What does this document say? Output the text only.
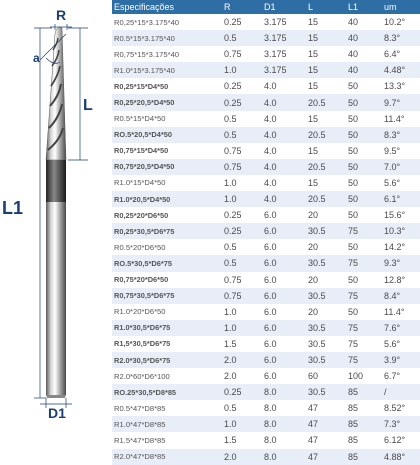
R
a
L
L1
D1
Especificações	R	D1	L	L1	um
R0,25*15*3.175*40	0.25	3.175	15	40	10.2°
R0.5*15*3.175*40	0.5	3.175	15	40	8.3°
R0,75*15*3.175*40	0.75	3.175	15	40	6.4°
R1.0*15*3.175*40	1.0	3.175	15	40	4.48°
R0,25*15*D4*50	0.25	4.0	15	50	13.3°
R0,25*20,5*D4*50	0.25	4.0	20.5	50	9.7°
R0.5*15*D4*50	0.5	4.0	15	50	11.4°
RO.5*20,5*D4*50	0.5	4.0	20.5	50	8.3°
R0,75*15*D4*50	0.75	4.0	15	50	9.5°
R0,75*20,5*D4*50	0.75	4.0	20.5	50	7.0°
R1.0*15*D4*50	1.0	4.0	15	50	5.6°
R1.0*20,5*D4*50	1.0	4.0	20.5	50	6.1°
R0,25*20*D6*50	0.25	6.0	20	50	15.6°
R0,25*30,5*D6*75	0.25	6.0	30.5	75	10.3°
R0.5*20*D6*50	0.5	6.0	20	50	14.2°
RO.5*30,5*D6*75	0.5	6.0	30.5	75	9.3°
R0,75*20*D6*50	0.75	6.0	20	50	12.8°
R0,75*30,5*D6*75	0.75	6.0	30.5	75	8.4°
R1.0*20*D6*50	1.0	6.0	20	50	11.4°
R1.0*30,5*D6*75	1.0	6.0	30.5	75	7.6°
R1,5*30,5*D6*75	1.5	6.0	30.5	75	5.6°
R2.0*30,5*D6*75	2.0	6.0	30.5	75	3.9°
R2.0*60*D6*100	2.0	6.0	60	100	6.7°
RO.25*30,5*D8*85	0.25	8.0	30.5	85	/
R0.5*47*D8*85	0.5	8.0	47	85	8.52°
R1.0*47*D8*85	1.0	8.0	47	85	7.3°
R1.5*47*D8*85	1.5	8.0	47	85	6.12°
R2.0*47*D8*85	2.0	8.0	47	85	4.88°
